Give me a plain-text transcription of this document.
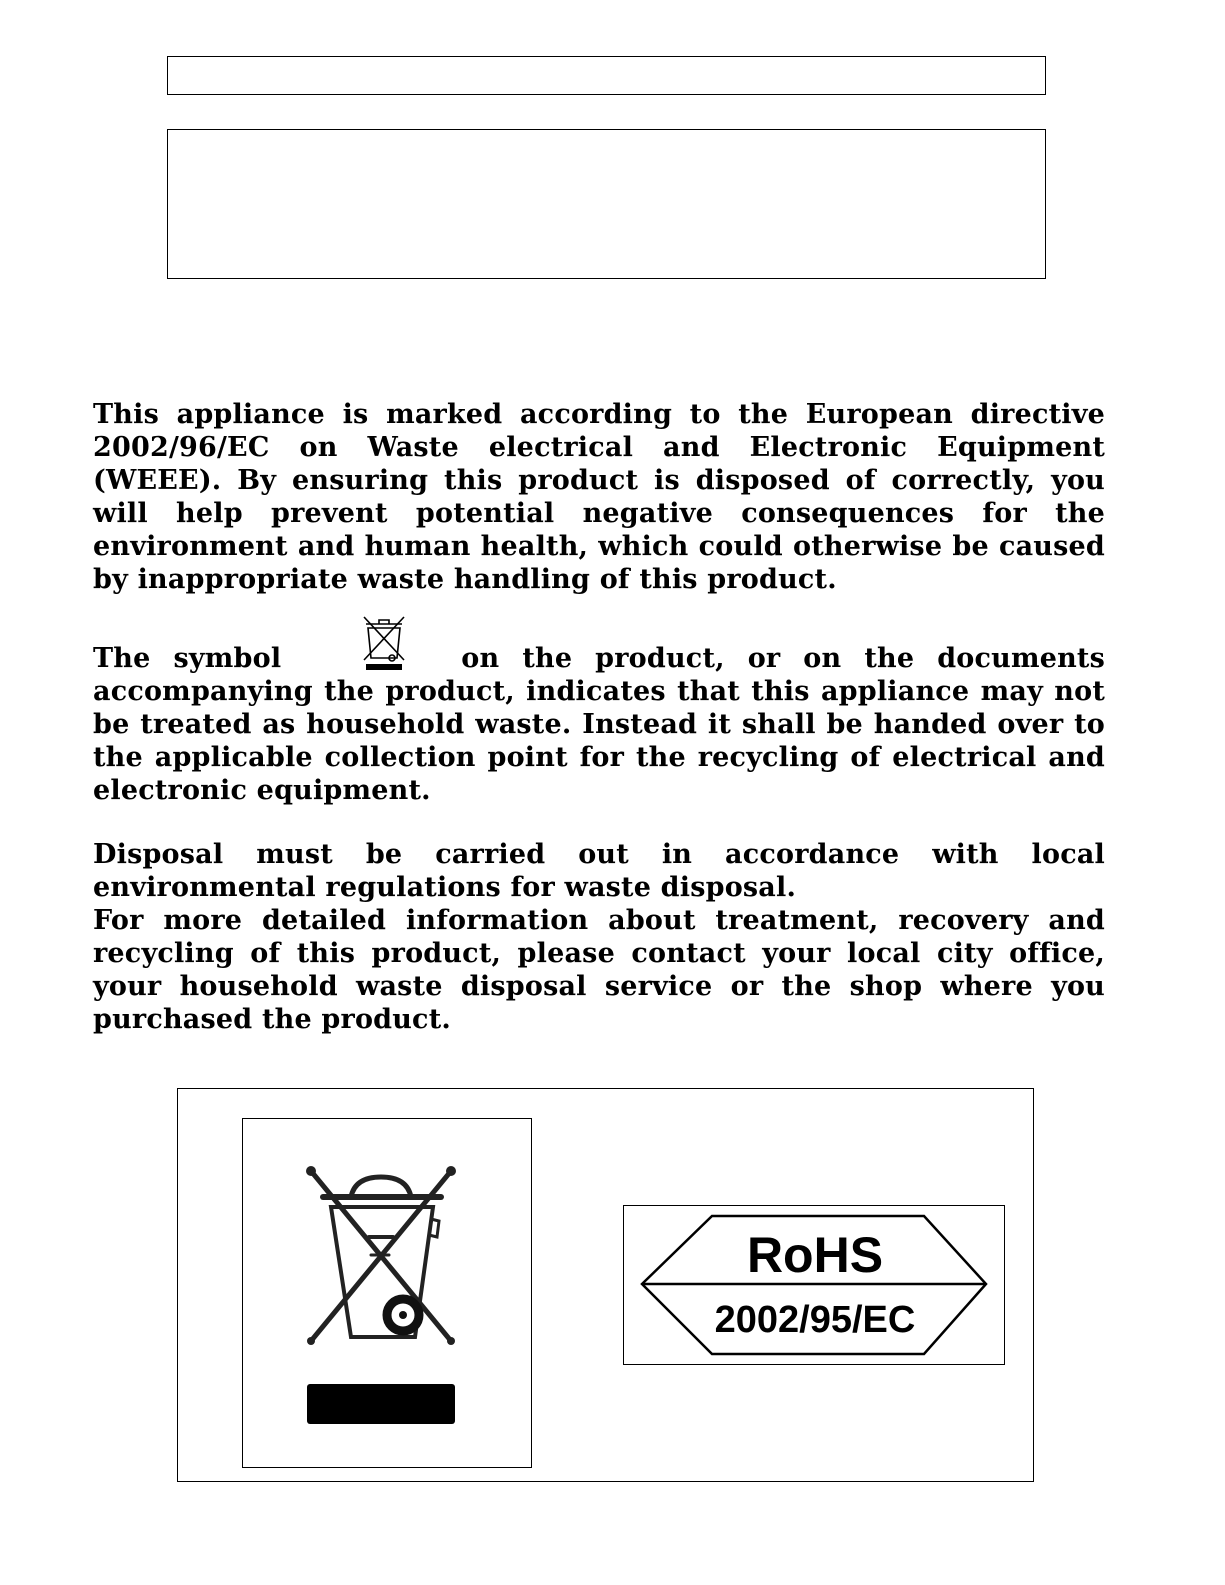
This appliance is marked according to the European directive 2002/96/EC on Waste electrical and Electronic Equipment (WEEE). By ensuring this product is disposed of correctly, you will help prevent potential negative consequences for the environment and human health, which could otherwise be caused by inappropriate waste handling of this product.

The symbol	on the product, or on the documents accompanying the product, indicates that this appliance may not be treated as household waste. Instead it shall be handed over to the applicable collection point for the recycling of electrical and electronic equipment.

Disposal must be carried out in accordance with local environmental regulations for waste disposal.

For more detailed information about treatment, recovery and recycling of this product, please contact your local city office, your household waste disposal service or the shop where you purchased the product.

RoHS
2002/95/EC
